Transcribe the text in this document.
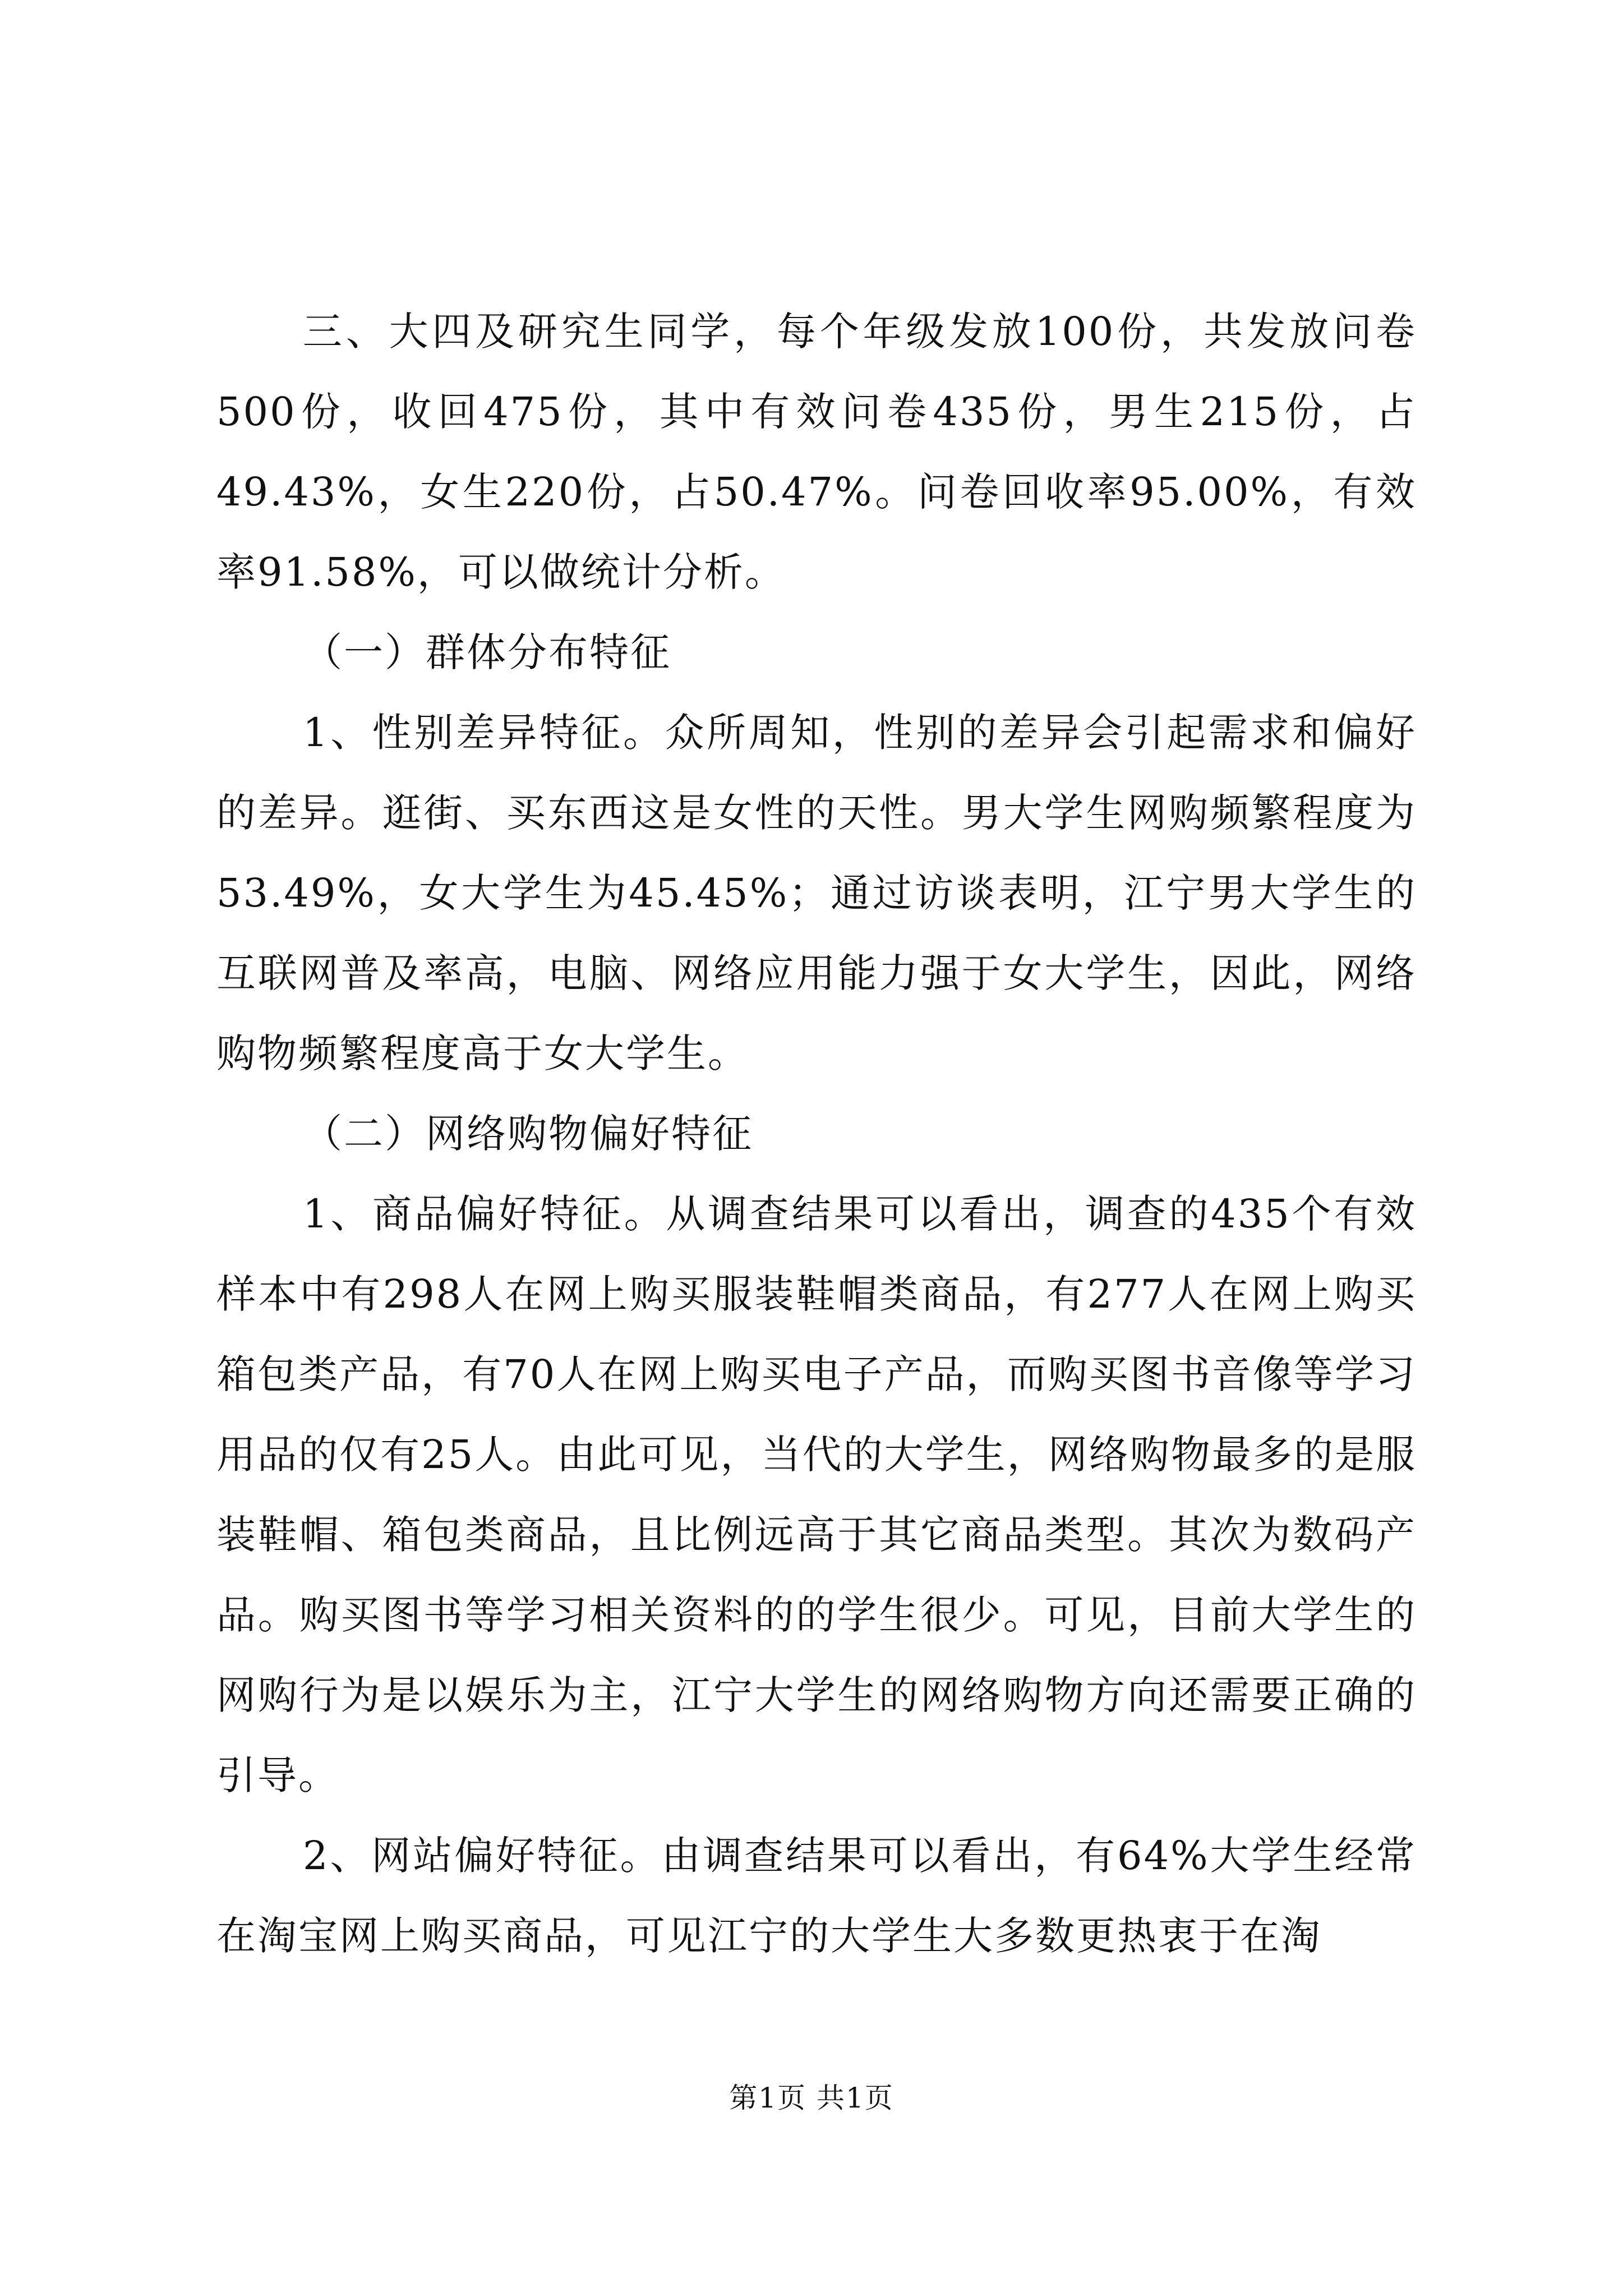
三、大四及研究生同学，每个年级发放100份，共发放问卷500份，收回475份，其中有效问卷435份，男生215份，占49.43%，女生220份，占50.47%。问卷回收率95.00%，有效率91.58%，可以做统计分析。

（一）群体分布特征

1、性别差异特征。众所周知，性别的差异会引起需求和偏好的差异。逛街、买东西这是女性的天性。男大学生网购频繁程度为53.49%，女大学生为45.45%；通过访谈表明，江宁男大学生的互联网普及率高，电脑、网络应用能力强于女大学生，因此，网络购物频繁程度高于女大学生。

（二）网络购物偏好特征

1、商品偏好特征。从调查结果可以看出，调查的435个有效样本中有298人在网上购买服装鞋帽类商品，有277人在网上购买箱包类产品，有70人在网上购买电子产品，而购买图书音像等学习用品的仅有25人。由此可见，当代的大学生，网络购物最多的是服装鞋帽、箱包类商品，且比例远高于其它商品类型。其次为数码产品。购买图书等学习相关资料的的学生很少。可见，目前大学生的网购行为是以娱乐为主，江宁大学生的网络购物方向还需要正确的引导。

2、网站偏好特征。由调查结果可以看出，有64%大学生经常在淘宝网上购买商品，可见江宁的大学生大多数更热衷于在淘

第1页 共1页
